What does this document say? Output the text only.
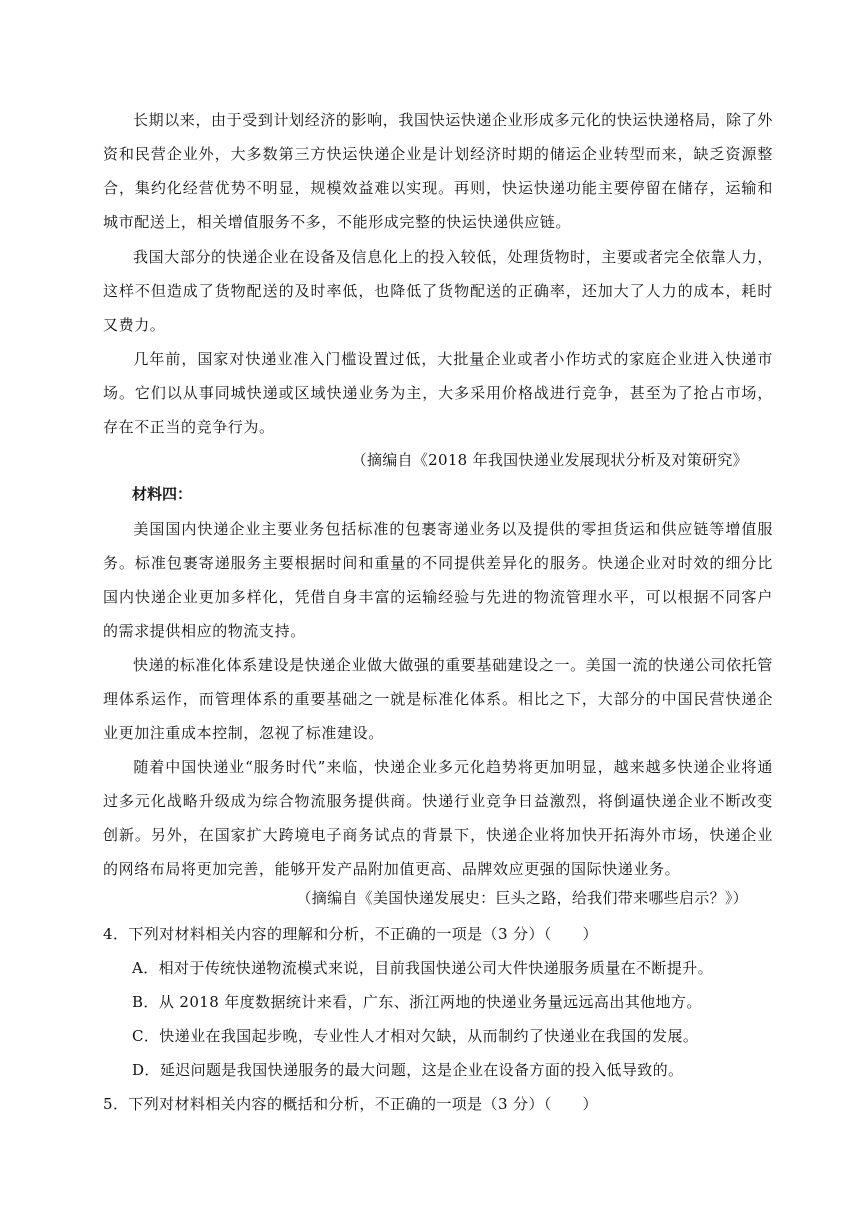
长期以来，由于受到计划经济的影响，我国快运快递企业形成多元化的快运快递格局，除了外资和民营企业外，大多数第三方快运快递企业是计划经济时期的储运企业转型而来，缺乏资源整合，集约化经营优势不明显，规模效益难以实现。再则，快运快递功能主要停留在储存，运输和城市配送上，相关增值服务不多，不能形成完整的快运快递供应链。

我国大部分的快递企业在设备及信息化上的投入较低，处理货物时，主要或者完全依靠人力，这样不但造成了货物配送的及时率低，也降低了货物配送的正确率，还加大了人力的成本，耗时又费力。

几年前，国家对快递业准入门槛设置过低，大批量企业或者小作坊式的家庭企业进入快递市场。它们以从事同城快递或区域快递业务为主，大多采用价格战进行竞争，甚至为了抢占市场，存在不正当的竞争行为。

（摘编自《2018 年我国快递业发展现状分析及对策研究》

材料四：

美国国内快递企业主要业务包括标准的包裹寄递业务以及提供的零担货运和供应链等增值服务。标准包裹寄递服务主要根据时间和重量的不同提供差异化的服务。快递企业对时效的细分比国内快递企业更加多样化，凭借自身丰富的运输经验与先进的物流管理水平，可以根据不同客户的需求提供相应的物流支持。

快递的标准化体系建设是快递企业做大做强的重要基础建设之一。美国一流的快递公司依托管理体系运作，而管理体系的重要基础之一就是标准化体系。相比之下，大部分的中国民营快递企业更加注重成本控制，忽视了标准建设。

随着中国快递业“服务时代”来临，快递企业多元化趋势将更加明显，越来越多快递企业将通过多元化战略升级成为综合物流服务提供商。快递行业竞争日益激烈，将倒逼快递企业不断改变创新。另外，在国家扩大跨境电子商务试点的背景下，快递企业将加快开拓海外市场，快递企业的网络布局将更加完善，能够开发产品附加值更高、品牌效应更强的国际快递业务。

（摘编自《美国快递发展史：巨头之路，给我们带来哪些启示？》）

4．下列对材料相关内容的理解和分析，不正确的一项是（3 分）（　　）

A．相对于传统快递物流模式来说，目前我国快递公司大件快递服务质量在不断提升。

B．从 2018 年度数据统计来看，广东、浙江两地的快递业务量远远高出其他地方。

C．快递业在我国起步晚，专业性人才相对欠缺，从而制约了快递业在我国的发展。

D．延迟问题是我国快递服务的最大问题，这是企业在设备方面的投入低导致的。

5．下列对材料相关内容的概括和分析，不正确的一项是（3 分）（　　）
